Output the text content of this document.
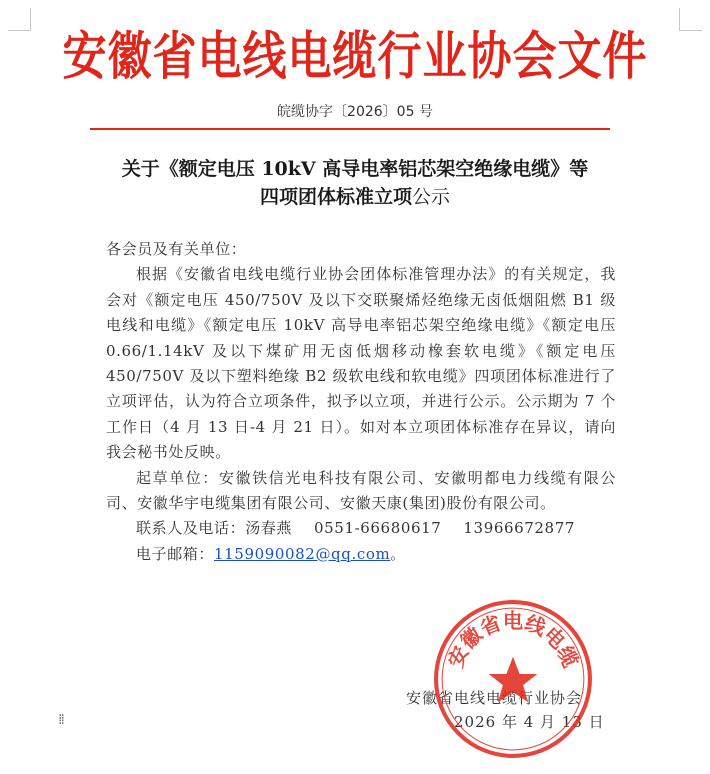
安徽省电线电缆行业协会文件
皖缆协字〔2026〕05 号
关于《额定电压 10kV 高导电率铝芯架空绝缘电缆》等
四项团体标准立项公示

各会员及有关单位：

根据《安徽省电线电缆行业协会团体标准管理办法》的有关规定，我会对《额定电压 450/750V 及以下交联聚烯烃绝缘无卤低烟阻燃 B1 级电线和电缆》《额定电压 10kV 高导电率铝芯架空绝缘电缆》《额定电压 0.66/1.14kV 及以下煤矿用无卤低烟移动橡套软电缆》《额定电压 450/750V 及以下塑料绝缘 B2 级软电线和软电缆》四项团体标准进行了立项评估，认为符合立项条件，拟予以立项，并进行公示。公示期为 7 个工作日（4 月 13 日-4 月 21 日）。如对本立项团体标准存在异议，请向我会秘书处反映。

起草单位：安徽铁信光电科技有限公司、安徽明都电力线缆有限公司、安徽华宇电缆集团有限公司、安徽天康(集团)股份有限公司。

联系人及电话：汤春燕 0551-66680617 13966672877

电子邮箱：1159090082@qq.com。

安徽省电线电缆行业协会
2026 年 4 月 13 日
安徽省电线电缆
⁞⁞
